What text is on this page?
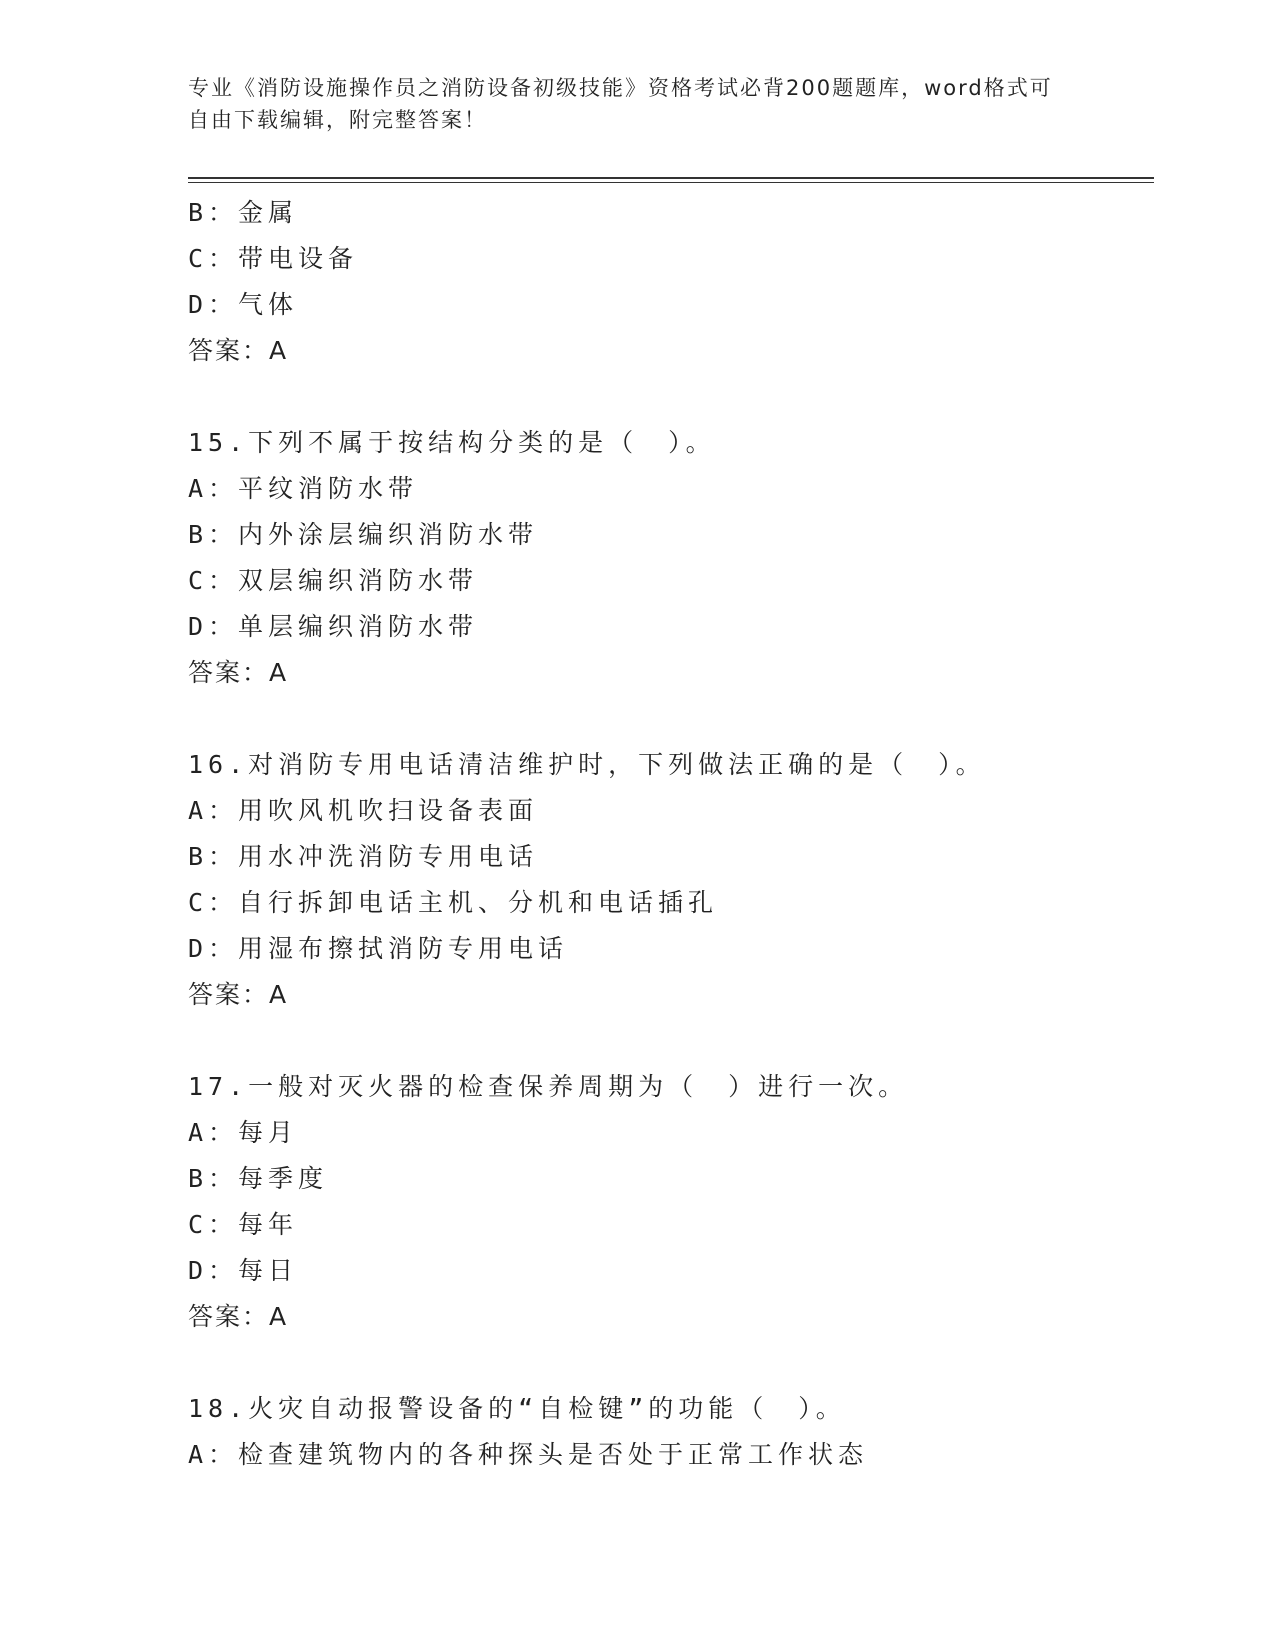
专业《消防设施操作员之消防设备初级技能》资格考试必背200题题库，word格式可自由下载编辑，附完整答案！
B：金属
C：带电设备
D：气体
答案：A
15.下列不属于按结构分类的是（　）。
A：平纹消防水带
B：内外涂层编织消防水带
C：双层编织消防水带
D：单层编织消防水带
答案：A
16.对消防专用电话清洁维护时，下列做法正确的是（　）。
A：用吹风机吹扫设备表面
B：用水冲洗消防专用电话
C：自行拆卸电话主机、分机和电话插孔
D：用湿布擦拭消防专用电话
答案：A
17.一般对灭火器的检查保养周期为（　）进行一次。
A：每月
B：每季度
C：每年
D：每日
答案：A
18.火灾自动报警设备的“自检键”的功能（　）。
A：检查建筑物内的各种探头是否处于正常工作状态
